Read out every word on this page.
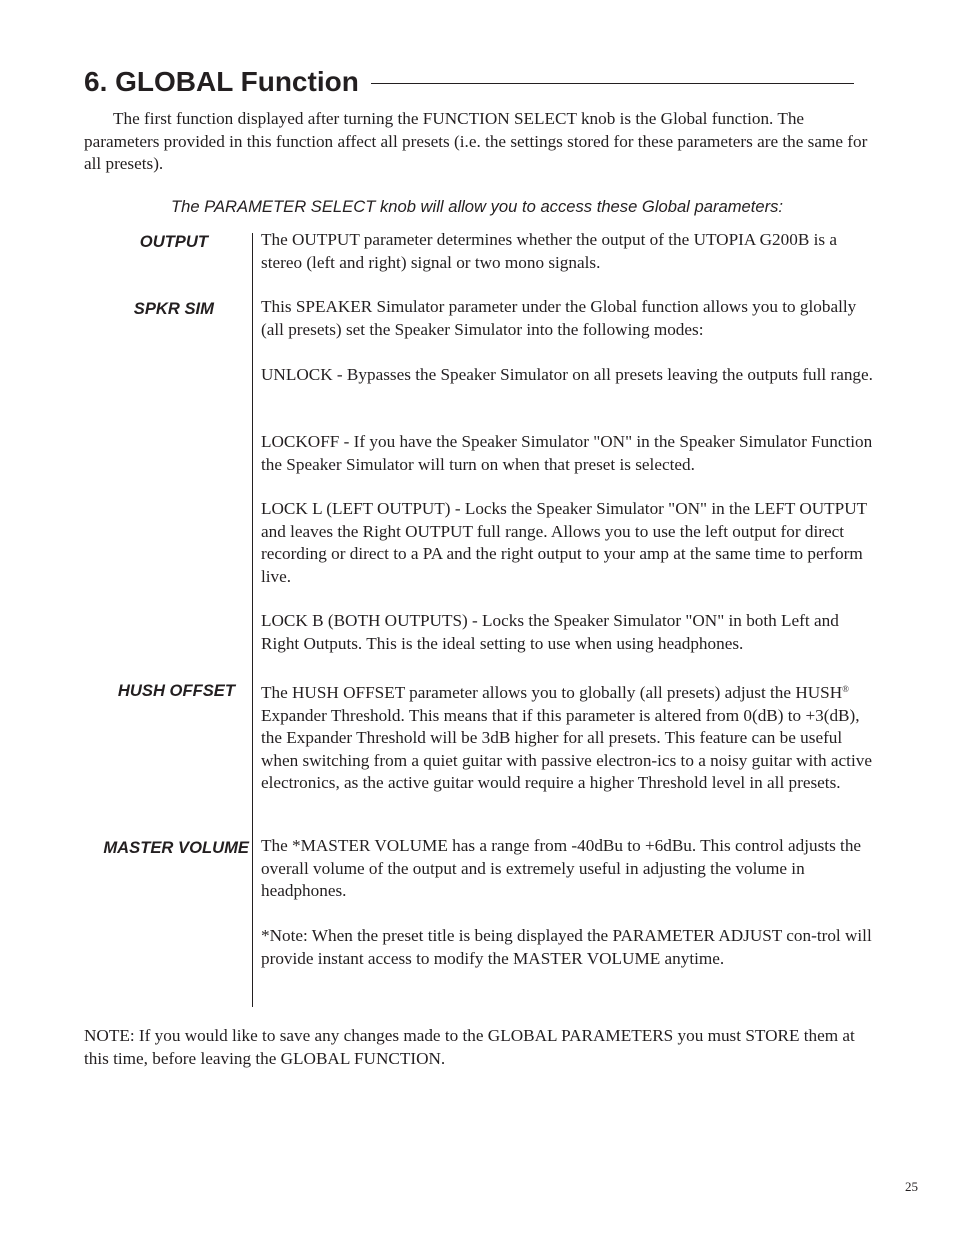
6. GLOBAL Function

The first function displayed after turning the FUNCTION SELECT knob is the Global function. The parameters provided in this function affect all presets (i.e. the settings stored for these parameters are the same for all presets).

The PARAMETER SELECT knob will allow you to access these Global parameters:

OUTPUT	The OUTPUT parameter determines whether the output of the UTOPIA G200B is a stereo (left and right) signal or two mono signals.

SPKR SIM	This SPEAKER Simulator parameter under the Global function allows you to globally (all presets) set the Speaker Simulator into the following modes:

UNLOCK - Bypasses the Speaker Simulator on all presets leaving the outputs full range.

LOCKOFF - If you have the Speaker Simulator "ON" in the Speaker Simulator Function the Speaker Simulator will turn on when that preset is selected.

LOCK L (LEFT OUTPUT) - Locks the Speaker Simulator "ON" in the LEFT OUTPUT and leaves the Right OUTPUT full range. Allows you to use the left output for direct recording or direct to a PA and the right output to your amp at the same time to perform live.

LOCK B (BOTH OUTPUTS) - Locks the Speaker Simulator "ON" in both Left and Right Outputs. This is the ideal setting to use when using headphones.

HUSH OFFSET The HUSH OFFSET parameter allows you to globally (all presets) adjust the HUSH® Expander Threshold. This means that if this parameter is altered from 0(dB) to +3(dB), the Expander Threshold will be 3dB higher for all presets. This feature can be useful when switching from a quiet guitar with passive electron-ics to a noisy guitar with active electronics, as the active guitar would require a higher Threshold level in all presets.

MASTER VOLUME The *MASTER VOLUME has a range from -40dBu to +6dBu. This control adjusts the overall volume of the output and is extremely useful in adjusting the volume in headphones.

*Note: When the preset title is being displayed the PARAMETER ADJUST con-trol will provide instant access to modify the MASTER VOLUME anytime.

NOTE: If you would like to save any changes made to the GLOBAL PARAMETERS you must STORE them at this time, before leaving the GLOBAL FUNCTION.

25
